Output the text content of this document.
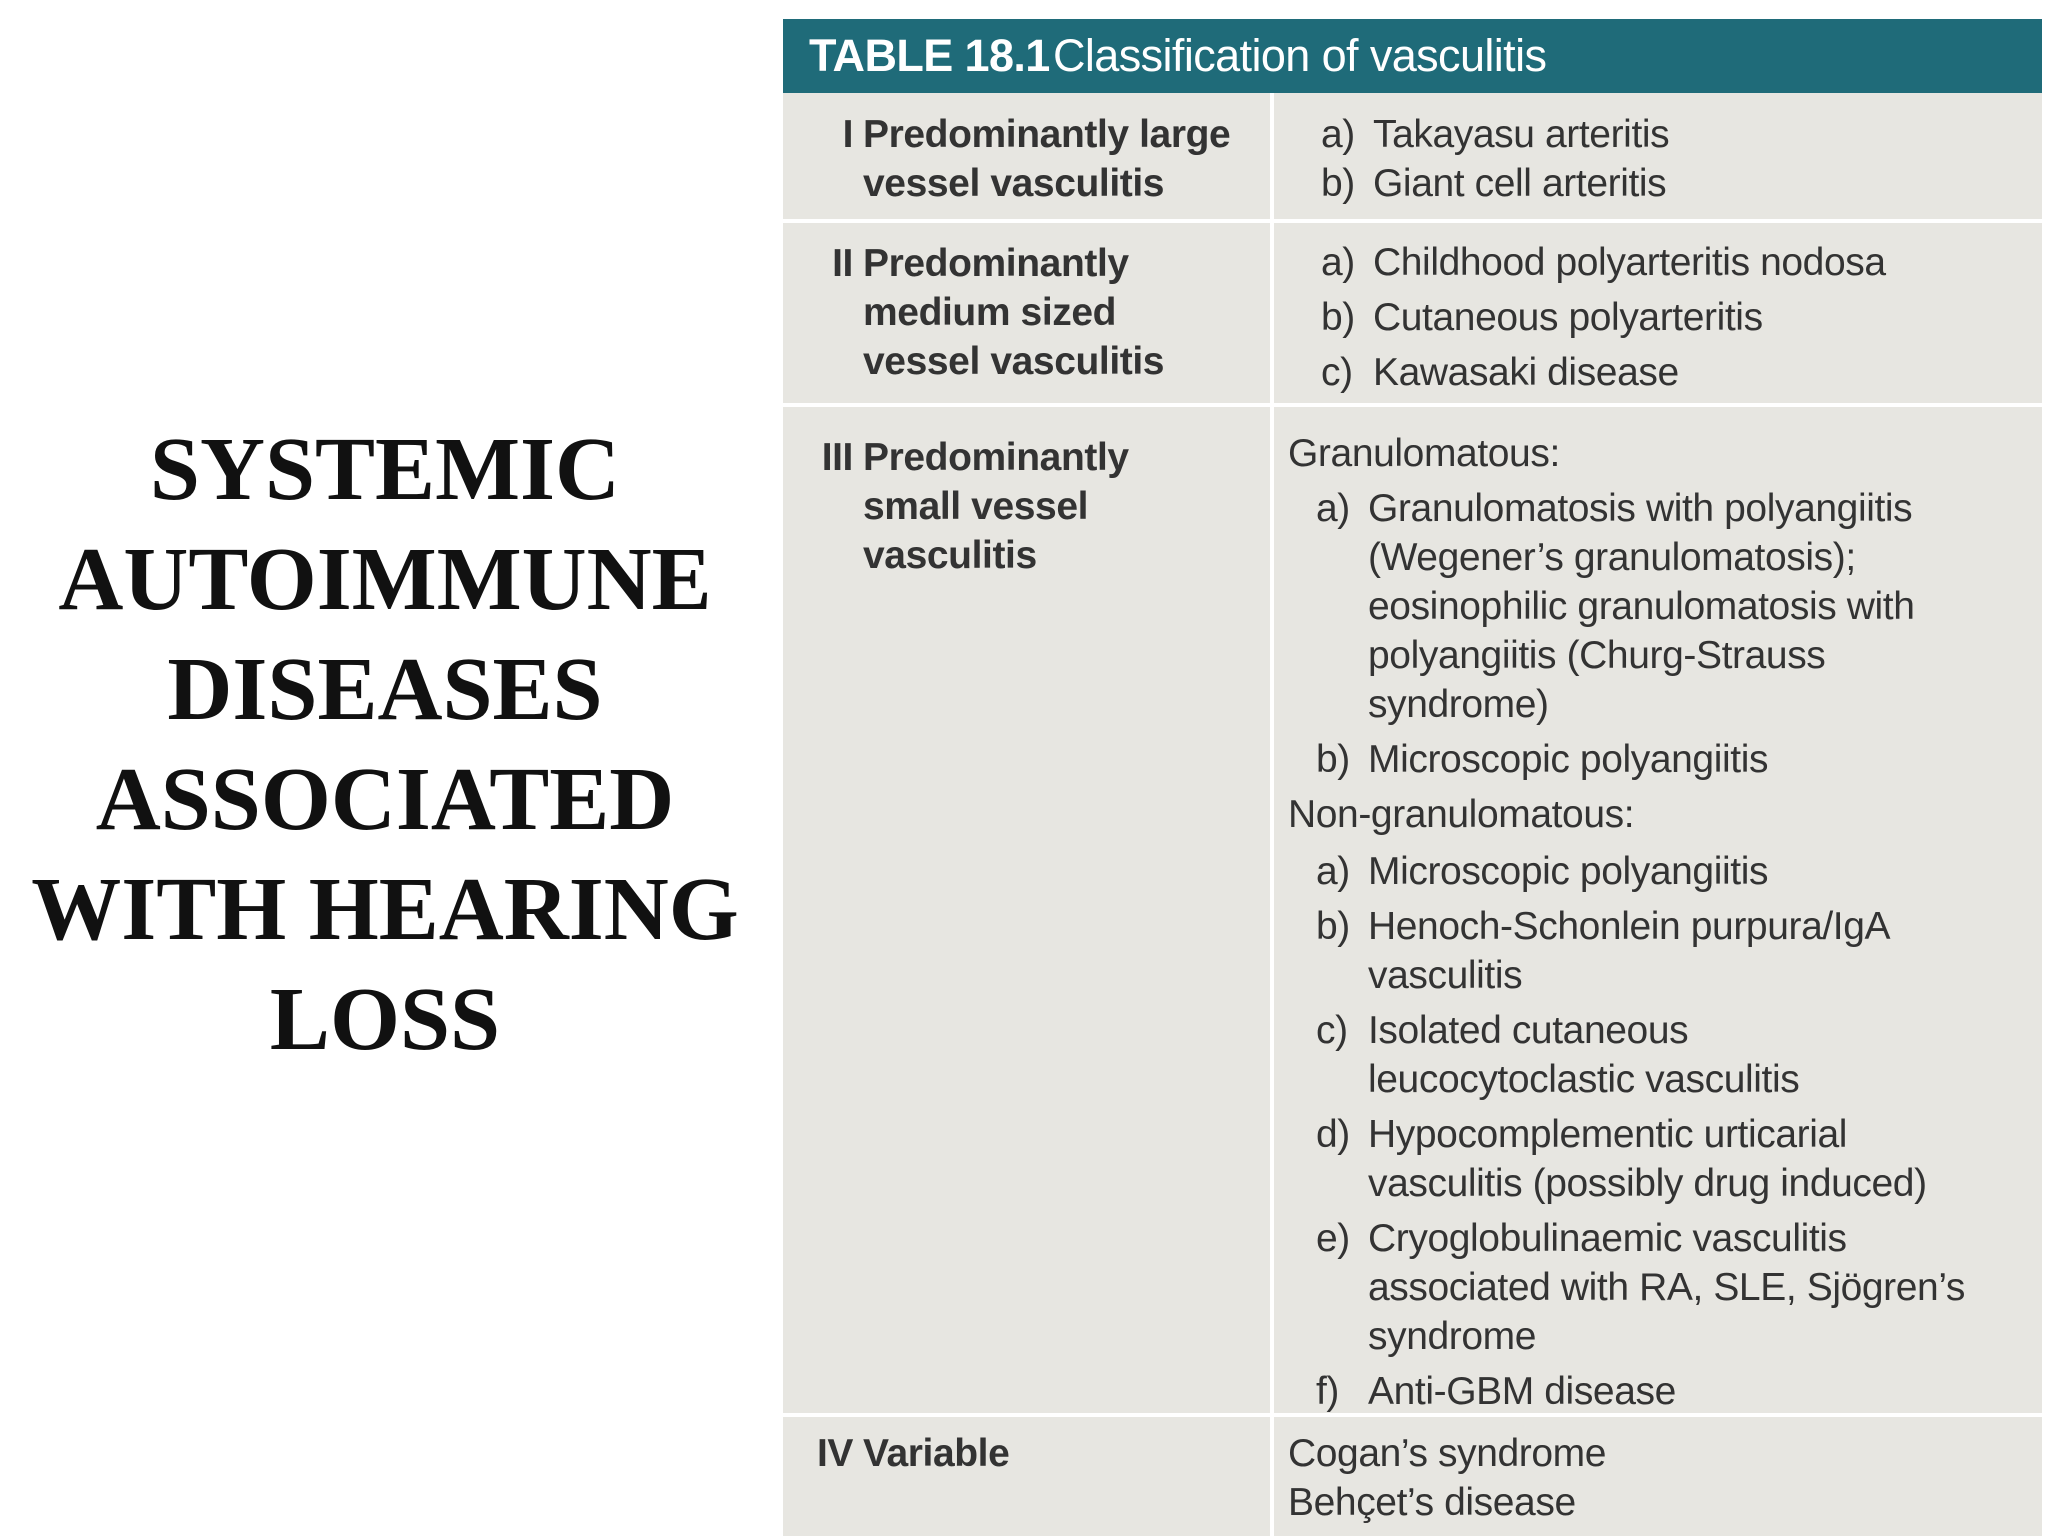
SYSTEMIC
AUTOIMMUNE
DISEASES
ASSOCIATED
WITH HEARING
LOSS
TABLE 18.1 Classification of vasculitis
I Predominantly large
vessel vasculitis
a) Takayasu arteritis
b) Giant cell arteritis
II Predominantly
medium sized
vessel vasculitis
a) Childhood polyarteritis nodosa
b) Cutaneous polyarteritis
c) Kawasaki disease
III Predominantly
small vessel
vasculitis
Granulomatous:
a) Granulomatosis with polyangiitis
(Wegener’s granulomatosis);
eosinophilic granulomatosis with
polyangiitis (Churg-Strauss
syndrome)
b) Microscopic polyangiitis
Non-granulomatous:
a) Microscopic polyangiitis
b) Henoch-Schonlein purpura/IgA
vasculitis
c) Isolated cutaneous
leucocytoclastic vasculitis
d) Hypocomplementic urticarial
vasculitis (possibly drug induced)
e) Cryoglobulinaemic vasculitis
associated with RA, SLE, Sjögren’s
syndrome
f) Anti-GBM disease
IV Variable	Cogan’s syndrome
Behçet’s disease
